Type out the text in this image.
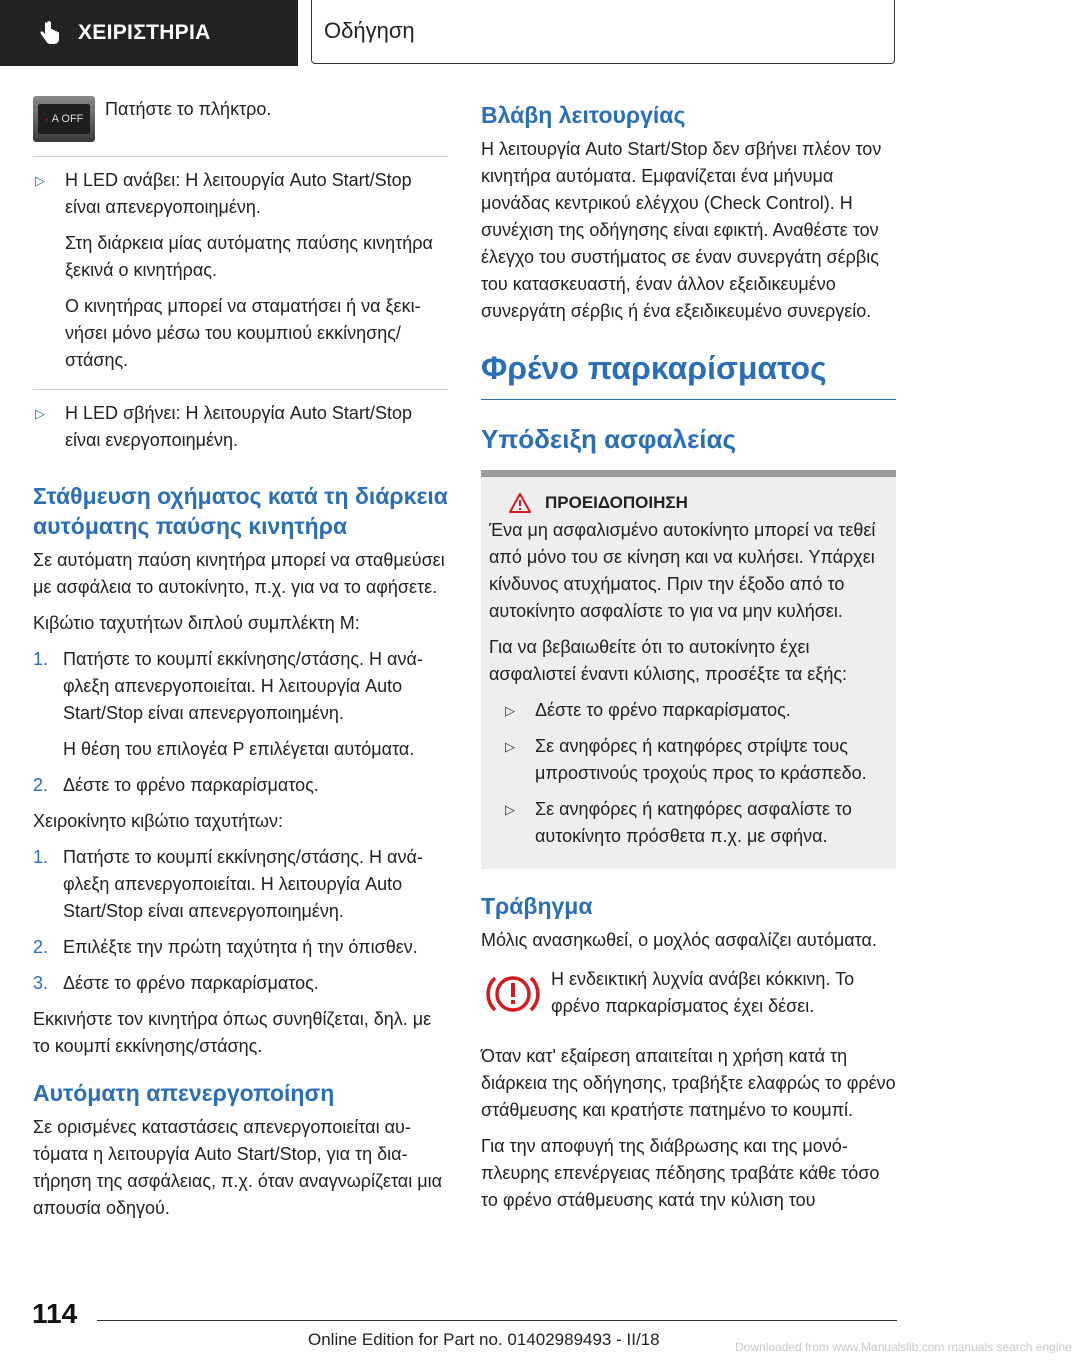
ΧΕΙΡΙΣΤΗΡΙΑ	Οδήγηση
· A OFF Πατήστε το πλήκτρο.

▷	Η LED ανάβει: Η λειτουργία Auto Start/Stop είναι απενεργοποιημένη.

Στη διάρκεια μίας αυτόματης παύσης κινητήρα ξεκινά ο κινητήρας.

Ο κινητήρας μπορεί να σταματήσει ή να ξεκινήσει μόνο μέσω του κουμπιού εκκίνησης/στάσης.

▷	Η LED σβήνει: Η λειτουργία Auto Start/Stop είναι ενεργοποιημένη.

Στάθμευση οχήματος κατά τη διάρκεια αυτόματης παύσης κινητήρα

Σε αυτόματη παύση κινητήρα μπορεί να σταθμεύσει με ασφάλεια το αυτοκίνητο, π.χ. για να το αφήσετε.

Κιβώτιο ταχυτήτων διπλού συμπλέκτη M:

1. Πατήστε το κουμπί εκκίνησης/στάσης. Η ανάφλεξη απενεργοποιείται. Η λειτουργία Auto Start/Stop είναι απενεργοποιημένη.

Η θέση του επιλογέα P επιλέγεται αυτόματα.

2. Δέστε το φρένο παρκαρίσματος.

Χειροκίνητο κιβώτιο ταχυτήτων:

1. Πατήστε το κουμπί εκκίνησης/στάσης. Η ανάφλεξη απενεργοποιείται. Η λειτουργία Auto Start/Stop είναι απενεργοποιημένη.

2. Επιλέξτε την πρώτη ταχύτητα ή την όπισθεν.

3. Δέστε το φρένο παρκαρίσματος.

Εκκινήστε τον κινητήρα όπως συνηθίζεται, δηλ. με το κουμπί εκκίνησης/στάσης.

Αυτόματη απενεργοποίηση

Σε ορισμένες καταστάσεις απενεργοποιείται αυτόματα η λειτουργία Auto Start/Stop, για τη διατήρηση της ασφάλειας, π.χ. όταν αναγνωρίζεται μια απουσία οδηγού.

Βλάβη λειτουργίας

Η λειτουργία Auto Start/Stop δεν σβήνει πλέον τον κινητήρα αυτόματα. Εμφανίζεται ένα μήνυμα μονάδας κεντρικού ελέγχου (Check Control). Η συνέχιση της οδήγησης είναι εφικτή. Αναθέστε τον έλεγχο του συστήματος σε έναν συνεργάτη σέρβις του κατασκευαστή, έναν άλλον εξειδικευμένο συνεργάτη σέρβις ή ένα εξειδικευμένο συνεργείο.

Φρένο παρκαρίσματος
Υπόδειξη ασφαλείας
ΠΡΟΕΙΔΟΠΟΙΗΣΗ

Ένα μη ασφαλισμένο αυτοκίνητο μπορεί να τεθεί από μόνο του σε κίνηση και να κυλήσει. Υπάρχει κίνδυνος ατυχήματος. Πριν την έξοδο από το αυτοκίνητο ασφαλίστε το για να μην κυλήσει.

Για να βεβαιωθείτε ότι το αυτοκίνητο έχει ασφαλιστεί έναντι κύλισης, προσέξτε τα εξής:

▷	Δέστε το φρένο παρκαρίσματος.

▷	Σε ανηφόρες ή κατηφόρες στρίψτε τους μπροστινούς τροχούς προς το κράσπεδο.

▷	Σε ανηφόρες ή κατηφόρες ασφαλίστε το αυτοκίνητο πρόσθετα π.χ. με σφήνα.

Τράβηγμα

Μόλις ανασηκωθεί, ο μοχλός ασφαλίζει αυτόματα.

Η ενδεικτική λυχνία ανάβει κόκκινη. Το φρένο παρκαρίσματος έχει δέσει.

Όταν κατ' εξαίρεση απαιτείται η χρήση κατά τη διάρκεια της οδήγησης, τραβήξτε ελαφρώς το φρένο στάθμευσης και κρατήστε πατημένο το κουμπί.

Για την αποφυγή της διάβρωσης και της μονόπλευρης επενέργειας πέδησης τραβάτε κάθε τόσο το φρένο στάθμευσης κατά την κύλιση του

114
Online Edition for Part no. 01402989493 - II/18	Downloaded from www.Manualslib.com manuals search engine
